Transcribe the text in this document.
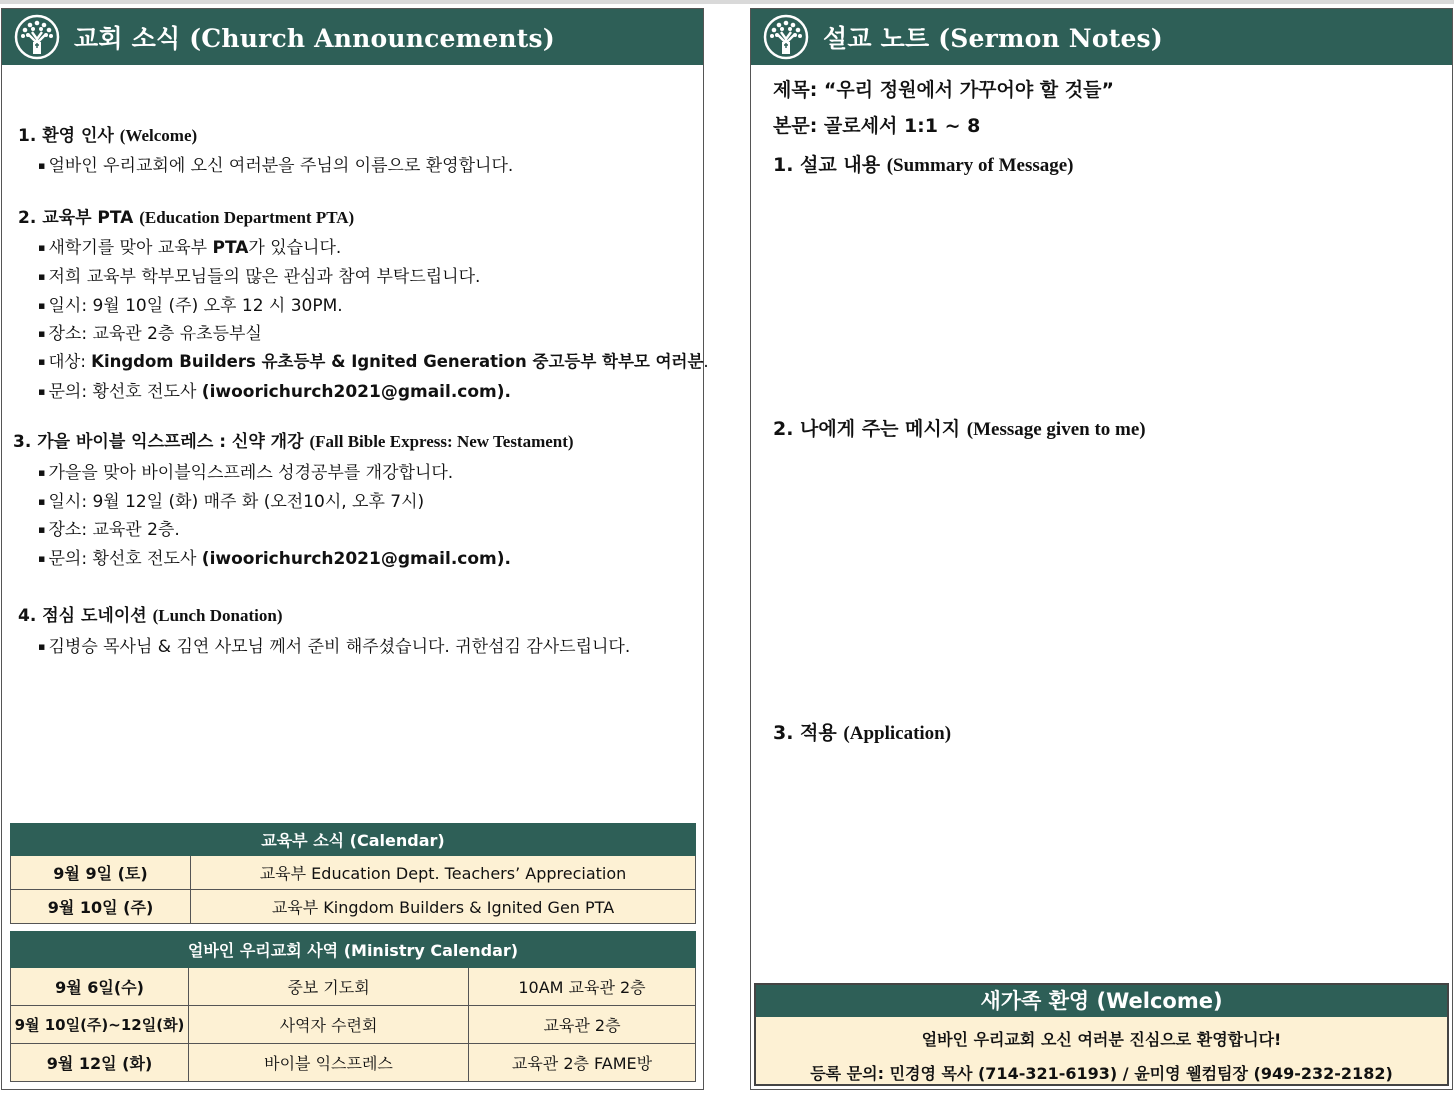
교회 소식 (Church Announcements)
1. 환영 인사 (Welcome)
▪ 얼바인 우리교회에 오신 여러분을 주님의 이름으로 환영합니다.
2. 교육부 PTA (Education Department PTA)
▪ 새학기를 맞아 교육부 PTA가 있습니다.
▪ 저희 교육부 학부모님들의 많은 관심과 참여 부탁드립니다.
▪ 일시: 9월 10일 (주) 오후 12 시 30PM.
▪ 장소: 교육관 2층 유초등부실
▪ 대상: Kingdom Builders 유초등부 & Ignited Generation 중고등부 학부모 여러분.
▪ 문의: 황선호 전도사 (iwoorichurch2021@gmail.com).
3. 가을 바이블 익스프레스 : 신약 개강 (Fall Bible Express: New Testament)
▪ 가을을 맞아 바이블익스프레스 성경공부를 개강합니다.
▪ 일시: 9월 12일 (화) 매주 화 (오전10시, 오후 7시)
▪ 장소: 교육관 2층.
▪ 문의: 황선호 전도사 (iwoorichurch2021@gmail.com).
4. 점심 도네이션 (Lunch Donation)
▪ 김병승 목사님 & 김연 사모님 께서 준비 해주셨습니다. 귀한섬김 감사드립니다.
교육부 소식 (Calendar)	
9월 9일 (토)	교육부 Education Dept. Teachers’ Appreciation
9월 10일 (주)	교육부 Kingdom Builders & Ignited Gen PTA
얼바인 우리교회 사역 (Ministry Calendar)		
9월 6일(수)	중보 기도회	10AM 교육관 2층
9월 10일(주)~12일(화)	사역자 수련회	교육관 2층
9월 12일 (화)	바이블 익스프레스	교육관 2층 FAME방
설교 노트 (Sermon Notes)
제목: “우리 정원에서 가꾸어야 할 것들”
본문: 골로세서 1:1 ~ 8
1. 설교 내용 (Summary of Message)
2. 나에게 주는 메시지 (Message given to me)
3. 적용 (Application)
새가족 환영 (Welcome)
얼바인 우리교회 오신 여러분 진심으로 환영합니다!
등록 문의: 민경영 목사 (714-321-6193) / 윤미영 웰컴팀장 (949-232-2182)
